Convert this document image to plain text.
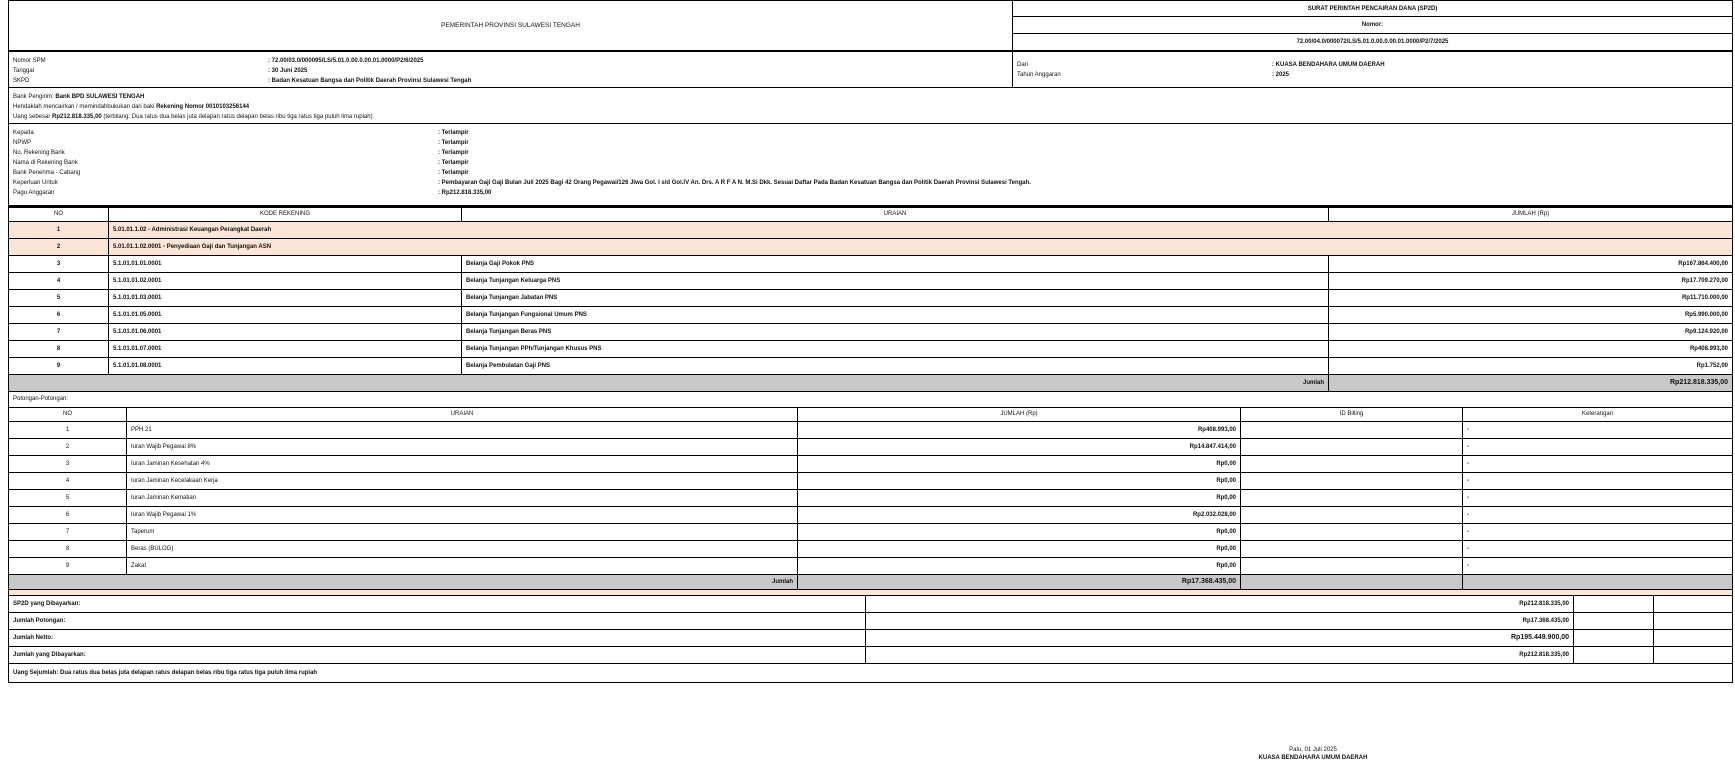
PEMERINTAH PROVINSI SULAWESI TENGAH	SURAT PERINTAH PENCAIRAN DANA (SP2D)
Nomor:
72.00/04.0/000072/LS/5.01.0.00.0.00.01.0000/P2/7/2025
Nomor SPM	: 72.00/03.0/000095/LS/5.01.0.00.0.00.01.0000/P2/6/2025
Tanggal	: 30 Juni 2025
SKPD	: Badan Kesatuan Bangsa dan Politik Daerah Provinsi Sulawesi Tengah

Dari	: KUASA BENDAHARA UMUM DAERAH
Tahun Anggaran	: 2025
Bank Pengirim:
Bank BPD SULAWESI TENGAH
Hendaklah mencairkan / memindahbukukan dari baki
Rekening Nomor 0010103256144
Uang sebesar
Rp212.818.335,00
(terbilang: Dua ratus dua belas juta delapan ratus delapan belas ribu tiga ratus tiga puluh lima rupiah)
Kepada	: Terlampir
NPWP	: Terlampir
No. Rekening Bank	: Terlampir
Nama di Rekening Bank	: Terlampir
Bank Penerima - Cabang	: Terlampir
Keperluan Untuk	: Pembayaran Gaji Gaji Bulan Juli 2025 Bagi 42 Orang Pegawai/126 Jiwa Gol. I s/d Gol.IV An. Drs. A R F A N. M.Si Dkk. Sesuai Daftar Pada Badan Kesatuan Bangsa dan Politik Daerah Provinsi Sulawesi Tengah.
Pagu Anggaran	: Rp212.818.335,00
NO	KODE REKENING	URAIAN	JUMLAH (Rp)
1	5.01.01.1.02 - Administrasi Keuangan Perangkat Daerah		
2	5.01.01.1.02.0001 - Penyediaan Gaji dan Tunjangan ASN		
3	5.1.01.01.01.0001	Belanja Gaji Pokok PNS	Rp167.864.400,00
4	5.1.01.01.02.0001	Belanja Tunjangan Keluarga PNS	Rp17.709.270,00
5	5.1.01.01.03.0001	Belanja Tunjangan Jabatan PNS	Rp11.710.000,00
6	5.1.01.01.05.0001	Belanja Tunjangan Fungsional Umum PNS	Rp5.990.000,00
7	5.1.01.01.06.0001	Belanja Tunjangan Beras PNS	Rp9.124.920,00
8	5.1.01.01.07.0001	Belanja Tunjangan PPh/Tunjangan Khusus PNS	Rp408.993,00
9	5.1.01.01.08.0001	Belanja Pembulatan Gaji PNS	Rp1.752,00
Jumlah			Rp212.818.335,00
Potongan-Potongan:
NO	URAIAN	JUMLAH (Rp)	ID Billing	Keterangan
1	PPH 21	Rp408.993,00		-
2	Iuran Wajib Pegawai 8%	Rp14.847.414,00		-
3	Iuran Jaminan Kesehatan 4%	Rp0,00		-
4	Iuran Jaminan Kecelakaan Kerja	Rp0,00		-
5	Iuran Jaminan Kematian	Rp0,00		-
6	Iuran Wajib Pegawai 1%	Rp2.032.028,00		-
7	Taperum	Rp0,00		-
8	Beras (BULOG)	Rp0,00		-
9	Zakat	Rp0,00		-
Jumlah		Rp17.368.435,00		
SP2D yang Dibayarkan:	Rp212.818.335,00		
Jumlah Potongan:	Rp17.368.435,00		
Jumlah Netto:	Rp195.449.900,00		
Jumlah yang Dibayarkan:	Rp212.818.335,00		
Uang Sejumlah:
Dua ratus dua belas juta delapan ratus delapan belas ribu tiga ratus tiga puluh lima rupiah
Palu, 01 Juli 2025
KUASA BENDAHARA UMUM DAERAH
